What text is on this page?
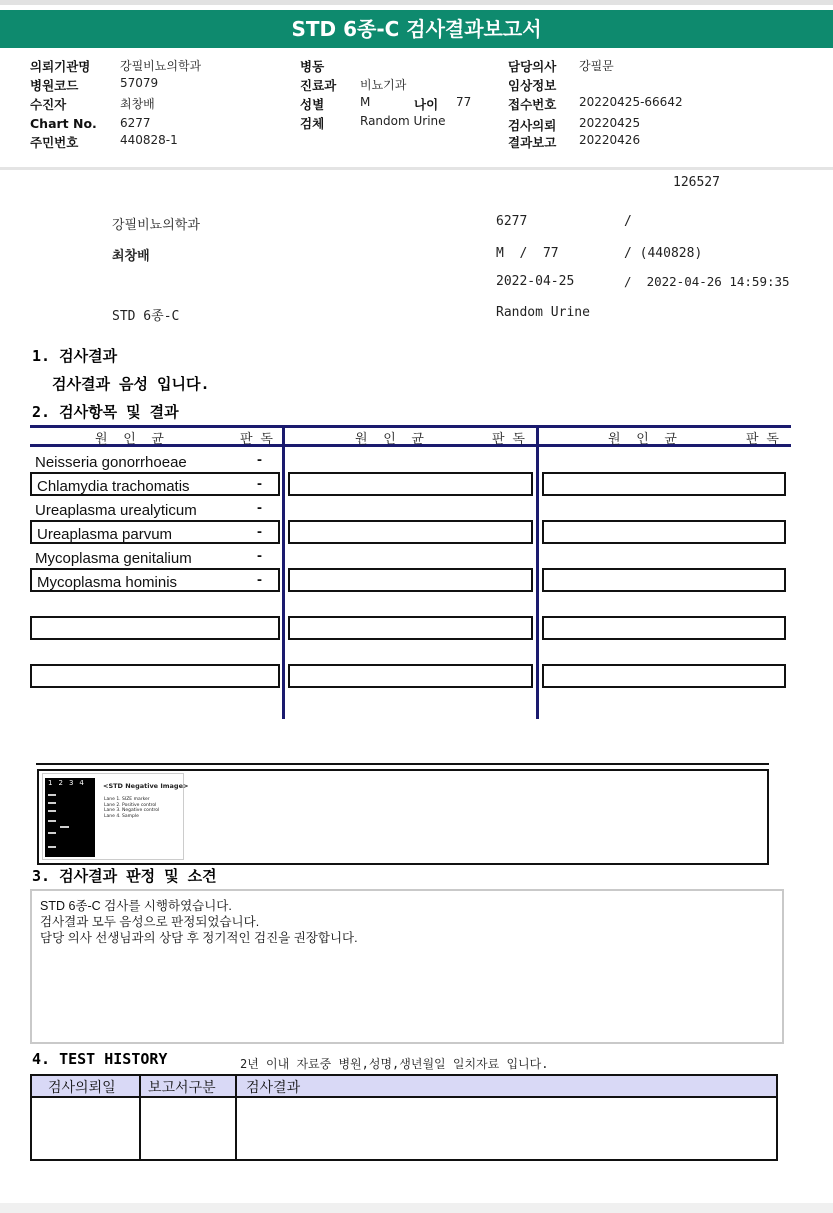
STD 6종-C 검사결과보고서
의뢰기관명 강필비뇨의학과
병원코드	57079
수진자	최창배
Chart No. 6277
주민번호	440828-1
병동
진료과 비뇨기과
성별	M	나이 77
검체	Random Urine
담당의사 강필문
임상정보
접수번호 20220425-66642
검사의뢰 20220425
결과보고 20220426
126527
강필비뇨의학과	6277	/
최창배	M  /  77	/ (440828)
2022-04-25	/  2022-04-26 14:59:35
STD 6종-C	Random Urine
1. 검사결과
검사결과 음성 입니다.
2. 검사항목 및 결과
원  인  균	판 독	원  인  균	판 독	원  인  균	판 독
Neisseria gonorrhoeae	-
Chlamydia trachomatis	-
Ureaplasma urealyticum	-
Ureaplasma parvum	-
Mycoplasma genitalium	-
Mycoplasma hominis	-
1234 <STD Negative Image>
Lane 1. SIZE marker
Lane 2. Positive control
Lane 3. Negative control
Lane 4. Sample
3. 검사결과 판정 및 소견
STD 6종-C 검사를 시행하였습니다.
검사결과 모두 음성으로 판정되었습니다.
담당 의사 선생님과의 상담 후 정기적인 검진을 권장합니다.
4. TEST HISTORY	2년 이내 자료중 병원,성명,생년월일 일치자료 입니다.
검사의뢰일 보고서구분 검사결과
